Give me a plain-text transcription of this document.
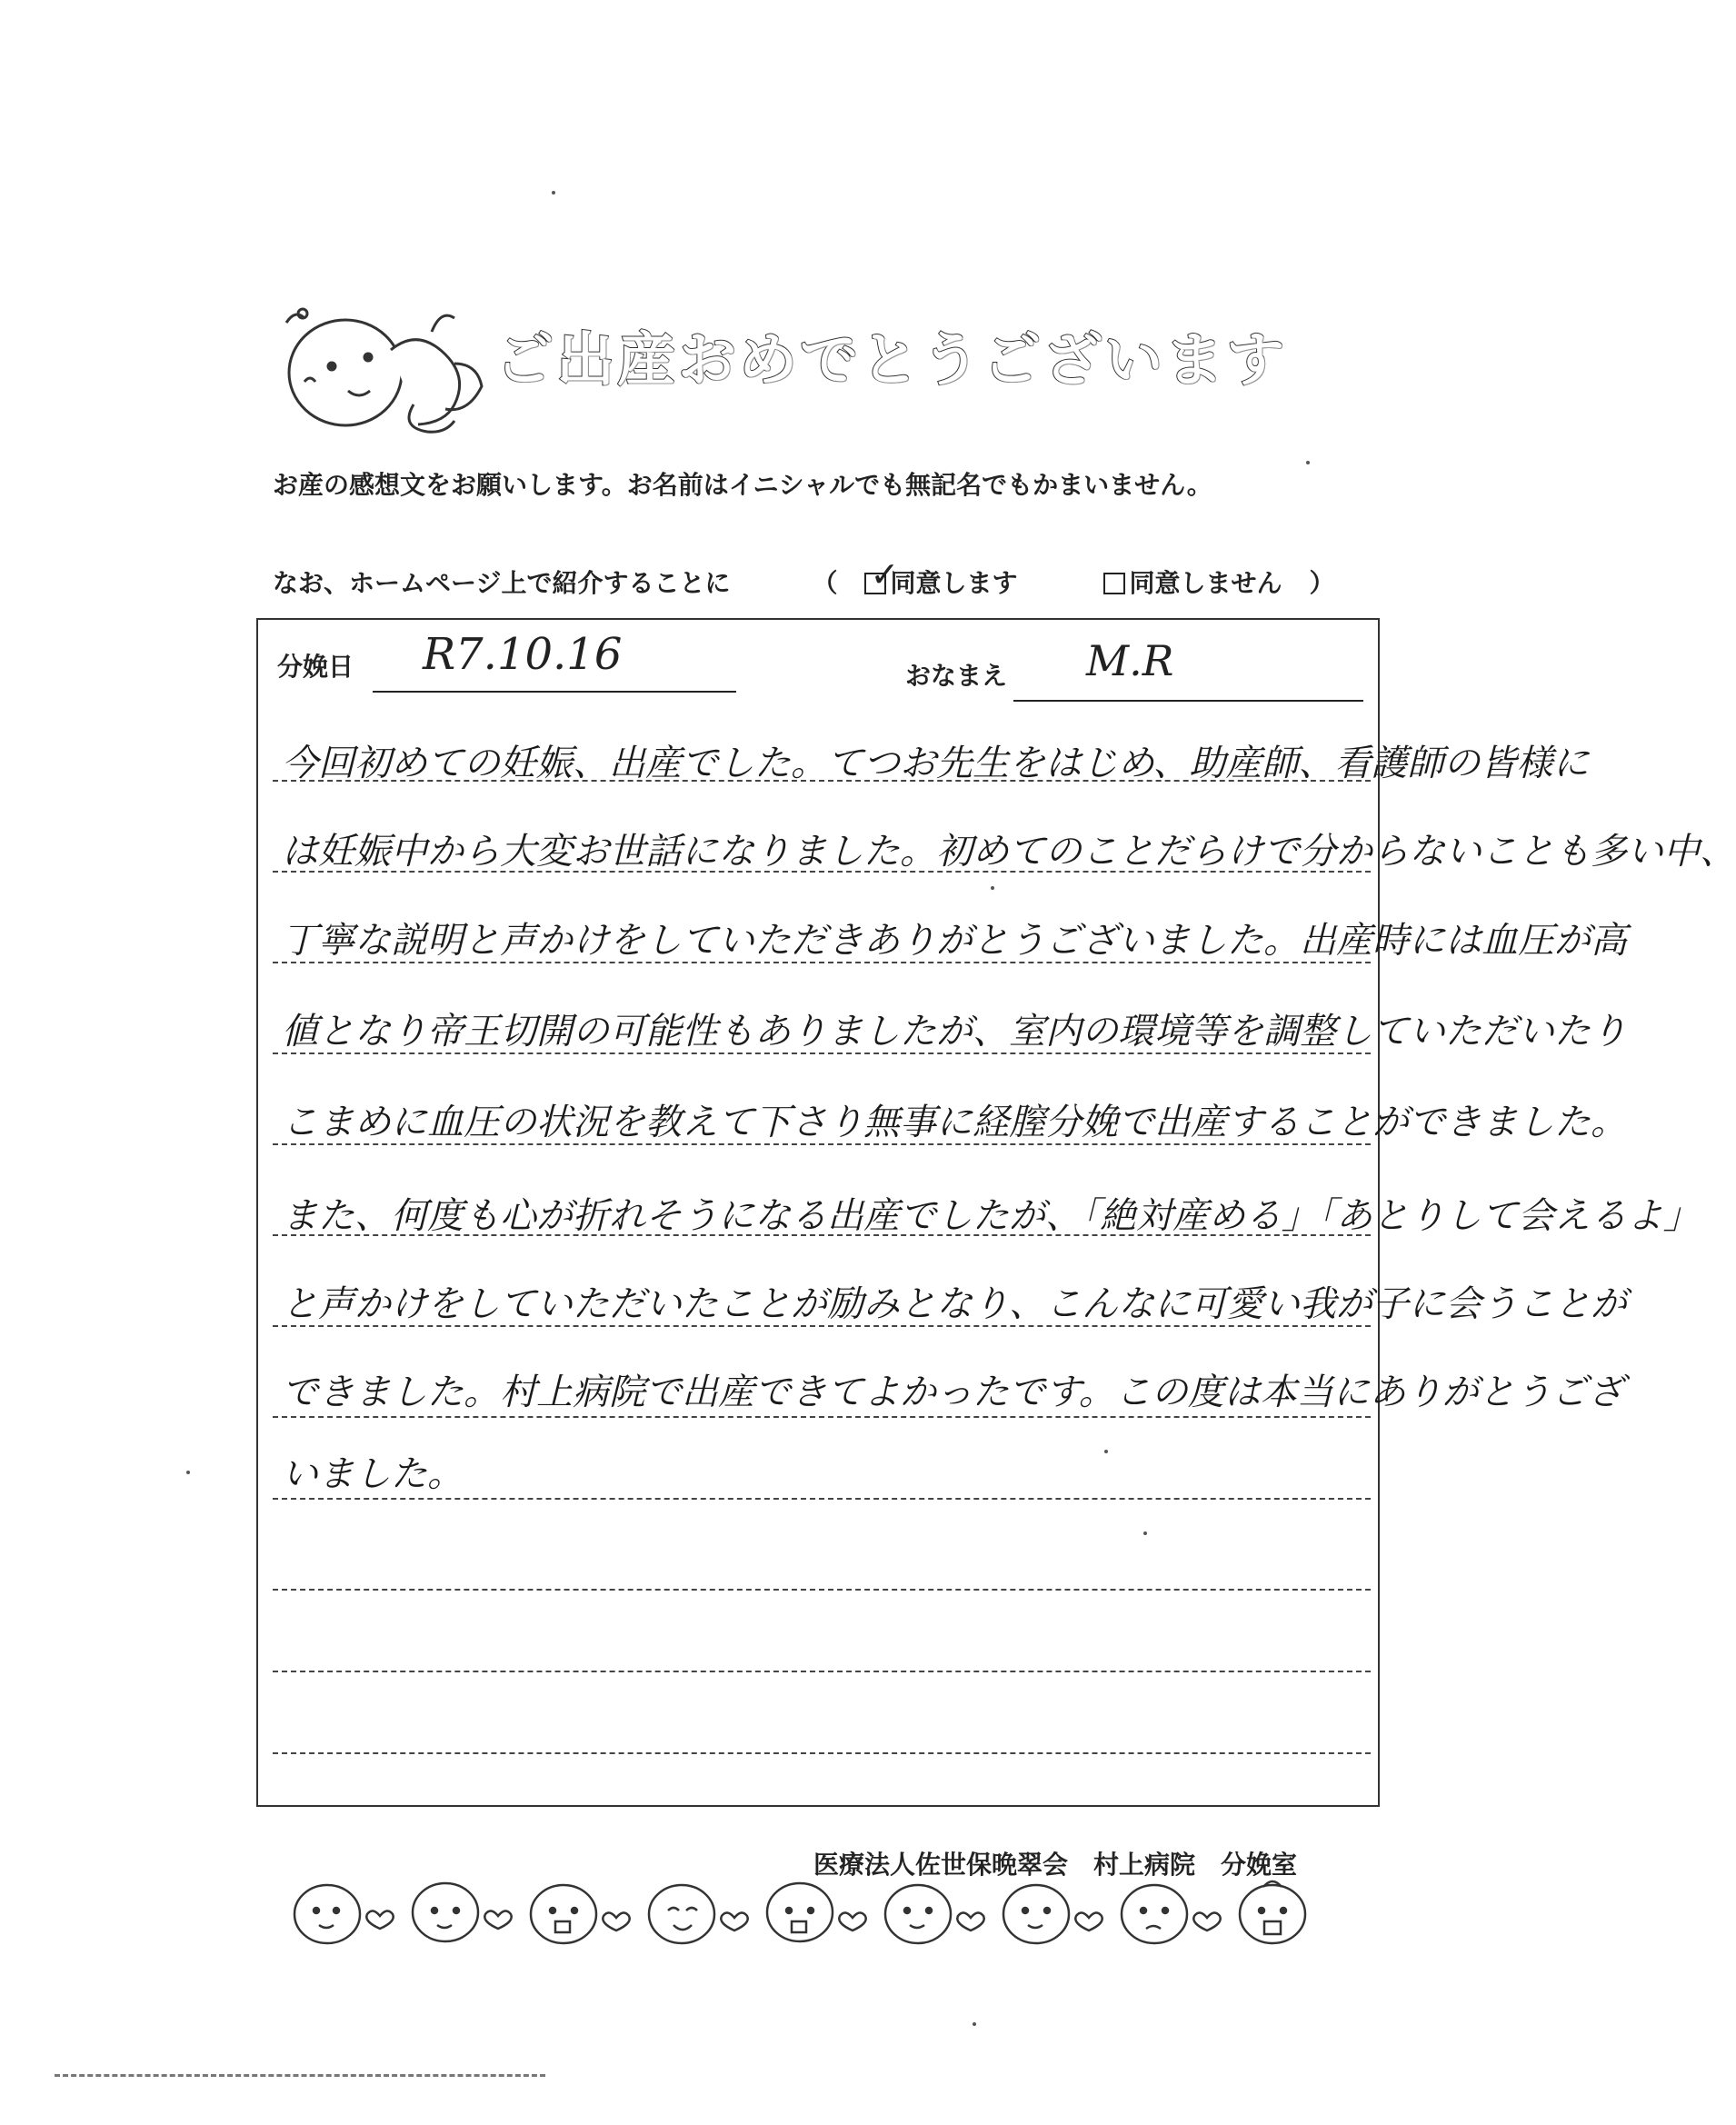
ご出産おめでとうございます
お産の感想文をお願いします。お名前はイニシャルでも無記名でもかまいません。
なお、ホームページ上で紹介することに	（ ✓
同意します	同意しません ）
分娩日 R7.10.16	おなまえ M.R
今回初めての妊娠、出産でした。てつお先生をはじめ、助産師、看護師の皆様に
は妊娠中から大変お世話になりました。初めてのことだらけで分からないことも多い中、
丁寧な説明と声かけをしていただきありがとうございました。出産時には血圧が高
値となり帝王切開の可能性もありましたが、室内の環境等を調整していただいたり
こまめに血圧の状況を教えて下さり無事に経膣分娩で出産することができました。
また、何度も心が折れそうになる出産でしたが、「絶対産める」「あとりして会えるよ」
と声かけをしていただいたことが励みとなり、こんなに可愛い我が子に会うことが
できました。村上病院で出産できてよかったです。この度は本当にありがとうござ
いました。
医療法人佐世保晩翠会　村上病院　分娩室
